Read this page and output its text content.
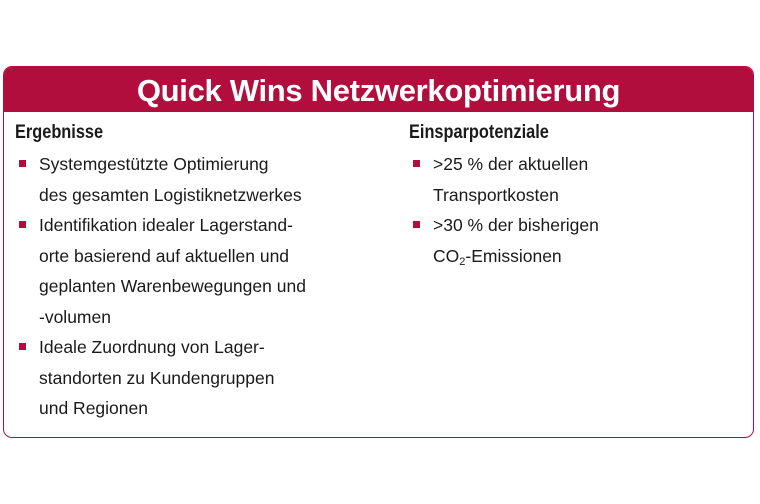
Quick Wins Netzwerkoptimierung
Ergebnisse
Systemgestützte Optimierung
des gesamten Logistiknetzwerkes
Identifikation idealer Lagerstand-
orte basierend auf aktuellen und
geplanten Warenbewegungen und
-volumen
Ideale Zuordnung von Lager-
standorten zu Kundengruppen
und Regionen
Einsparpotenziale
>25 % der aktuellen
Transportkosten
>30 % der bisherigen
$CO_2$-Emissionen
